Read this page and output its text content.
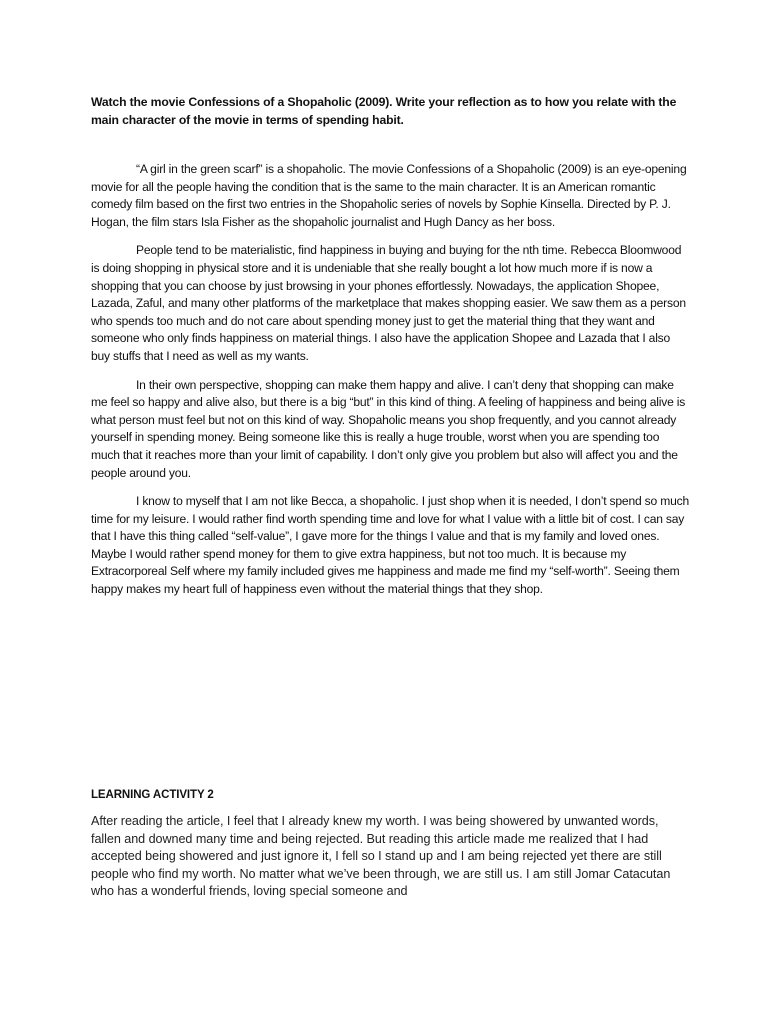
Watch the movie Confessions of a Shopaholic (2009). Write your reflection as to how you relate with the main character of the movie in terms of spending habit.

“A girl in the green scarf” is a shopaholic. The movie Confessions of a Shopaholic (2009) is an eye-opening movie for all the people having the condition that is the same to the main character. It is an American romantic comedy film based on the first two entries in the Shopaholic series of novels by Sophie Kinsella. Directed by P. J. Hogan, the film stars Isla Fisher as the shopaholic journalist and Hugh Dancy as her boss.

People tend to be materialistic, find happiness in buying and buying for the nth time. Rebecca Bloomwood is doing shopping in physical store and it is undeniable that she really bought a lot how much more if is now a shopping that you can choose by just browsing in your phones effortlessly. Nowadays, the application Shopee, Lazada, Zaful, and many other platforms of the marketplace that makes shopping easier. We saw them as a person who spends too much and do not care about spending money just to get the material thing that they want and someone who only finds happiness on material things. I also have the application Shopee and Lazada that I also buy stuffs that I need as well as my wants.

In their own perspective, shopping can make them happy and alive. I can’t deny that shopping can make me feel so happy and alive also, but there is a big “but” in this kind of thing. A feeling of happiness and being alive is what person must feel but not on this kind of way. Shopaholic means you shop frequently, and you cannot already yourself in spending money. Being someone like this is really a huge trouble, worst when you are spending too much that it reaches more than your limit of capability. I don’t only give you problem but also will affect you and the people around you.

I know to myself that I am not like Becca, a shopaholic. I just shop when it is needed, I don’t spend so much time for my leisure. I would rather find worth spending time and love for what I value with a little bit of cost. I can say that I have this thing called “self-value”, I gave more for the things I value and that is my family and loved ones. Maybe I would rather spend money for them to give extra happiness, but not too much. It is because my Extracorporeal Self where my family included gives me happiness and made me find my “self-worth”. Seeing them happy makes my heart full of happiness even without the material things that they shop.

LEARNING ACTIVITY 2
After reading the article, I feel that I already knew my worth. I was being showered by unwanted words, fallen and downed many time and being rejected. But reading this article made me realized that I had accepted being showered and just ignore it, I fell so I stand up and I am being rejected yet there are still people who find my worth. No matter what we’ve been through, we are still us. I am still Jomar Catacutan who has a wonderful friends, loving special someone and
